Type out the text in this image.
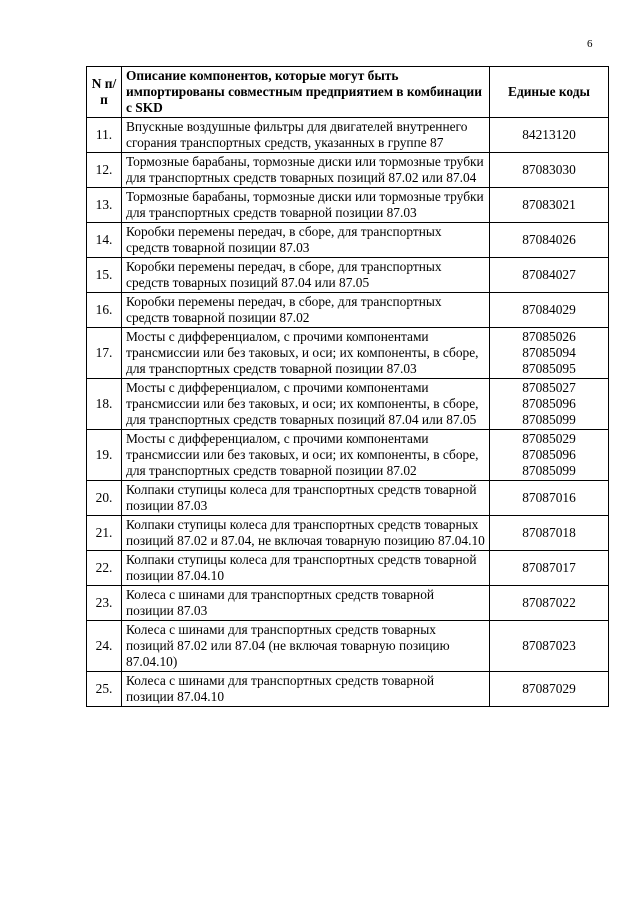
6
N п/п	Описание компонентов, которые могут быть импортированы совместным предприятием в комбинации с SKD	Единые коды
11.	Впускные воздушные фильтры для двигателей внутреннего сгорания транспортных средств, указанных в группе 87	84213120

12.	Тормозные барабаны, тормозные диски или тормозные трубки для транспортных средств товарных позиций 87.02 или 87.04	87083030

13.	Тормозные барабаны, тормозные диски или тормозные трубки для транспортных средств товарной позиции 87.03	87083021

14.	Коробки перемены передач, в сборе, для транспортных средств товарной позиции 87.03	87084026

15.	Коробки перемены передач, в сборе, для транспортных средств товарных позиций 87.04 или 87.05	87084027

16.	Коробки перемены передач, в сборе, для транспортных средств товарной позиции 87.02	87084029

17.	Мосты с дифференциалом, с прочими компонентами трансмиссии или без таковых, и оси; их компоненты, в сборе, для транспортных средств товарной позиции 87.03	87085026
87085094
87085095

18.	Мосты с дифференциалом, с прочими компонентами трансмиссии или без таковых, и оси; их компоненты, в сборе, для транспортных средств товарных позиций 87.04 или 87.05	87085027
87085096
87085099

19.	Мосты с дифференциалом, с прочими компонентами трансмиссии или без таковых, и оси; их компоненты, в сборе, для транспортных средств товарной позиции 87.02	87085029
87085096
87085099

20.	Колпаки ступицы колеса для транспортных средств товарной позиции 87.03	87087016

21.	Колпаки ступицы колеса для транспортных средств товарных позиций 87.02 и 87.04, не включая товарную позицию 87.04.10	87087018

22.	Колпаки ступицы колеса для транспортных средств товарной позиции 87.04.10	87087017

23.	Колеса с шинами для транспортных средств товарной позиции 87.03	87087022

24.	Колеса с шинами для транспортных средств товарных позиций 87.02 или 87.04 (не включая товарную позицию 87.04.10)	87087023

25.	Колеса с шинами для транспортных средств товарной позиции 87.04.10	87087029
